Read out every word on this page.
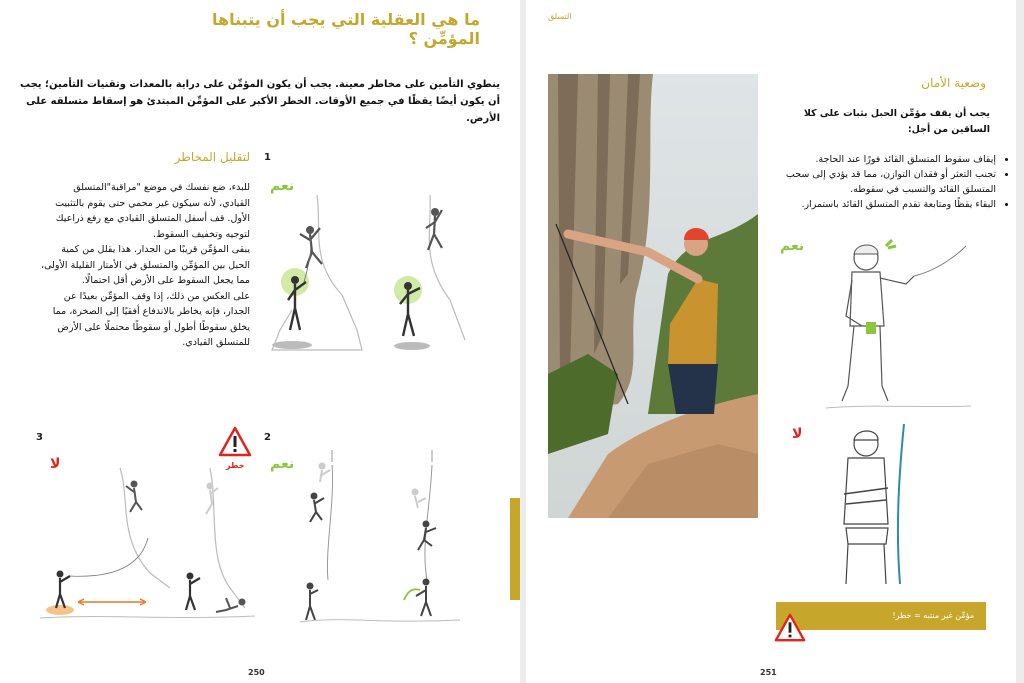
ما هي العقلية التي يجب أن يتبناها المؤمِّن ؟
ينطوي التأمين على مخاطر معينة. يجب أن يكون المؤمِّن على دراية بالمعدات وتقنيات التأمين؛ يجب أن يكون أيضًا يقظًا في جميع الأوقات. الخطر الأكبر على المؤمِّن المبتدئ هو إسقاط متسلقه على الأرض.
1
لتقليل المخاطر
للبدء، ضع نفسك في موضع "مراقبة"المتسلق القيادي، لأنه سيكون غير محمي حتى يقوم بالتثبيت الأول. قف أسفل المتسلق القيادي مع رفع ذراعيك لتوجيه وتخفيف السقوط.
يبقى المؤمِّن قريبًا من الجدار. هذا يقلل من كمية الحبل بين المؤمِّن والمتسلق في الأمتار القليلة الأولى، مما يجعل السقوط على الأرض أقل احتمالًا.
على العكس من ذلك، إذا وقف المؤمِّن بعيدًا عن الجدار، فإنه يخاطر بالاندفاع أفقيًا إلى الصخرة، مما يخلق سقوطًا أطول أو سقوطًا محتملًا على الأرض للمتسلق القيادي.
نعم
2
نعم
3
لا	خطر
250
التسلق
وضعية الأمان
يجب أن يقف مؤمِّن الحبل بثبات على كلا الساقين من أجل:
• إيقاف سقوط المتسلق القائد فورًا عند الحاجة.
• تجنب التعثر أو فقدان التوازن، مما قد يؤدي إلى سحب المتسلق القائد والتسبب في سقوطه.
• البقاء يقظًا ومتابعة تقدم المتسلق القائد باستمرار.
نعم
لا
مؤمِّن غير منتبه = خطر!
251
